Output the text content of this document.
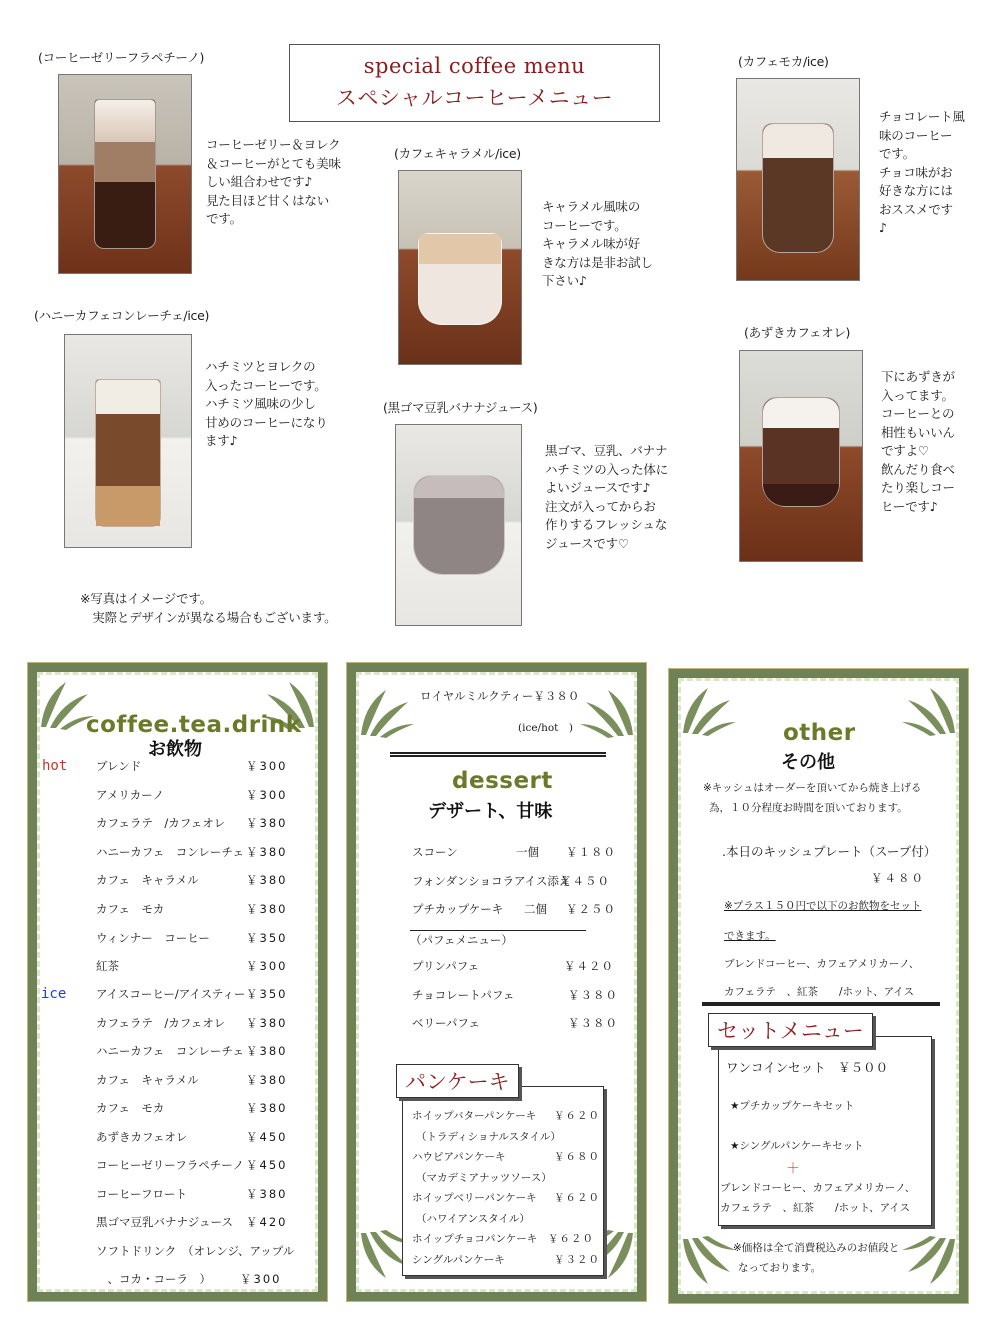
special coffee menu
スペシャルコーヒーメニュー
(コーヒーゼリーフラペチーノ)
コーヒーゼリー＆ヨレク
＆コーヒーがとても美味
しい組合わせです♪
見た目ほど甘くはない
です。
(ハニーカフェコンレーチェ/ice)
ハチミツとヨレクの
入ったコーヒーです。
ハチミツ風味の少し
甘めのコーヒーになり
ます♪
(カフェキャラメル/ice)
キャラメル風味の
コーヒーです。
キャラメル味が好
きな方は是非お試し
下さい♪
(黒ゴマ豆乳バナナジュース)
黒ゴマ、豆乳、バナナ
ハチミツの入った体に
よいジュースです♪
注文が入ってからお
作りするフレッシュな
ジュースです♡
(カフェモカ/ice)
チョコレート風
味のコーヒー
です。
チョコ味がお
好きな方には
おススメです
♪
(あずきカフェオレ)
下にあずきが
入ってます。
コーヒーとの
相性もいいん
ですよ♡
飲んだり食べ
たり楽しコー
ヒーです♪
※写真はイメージです。
　実際とデザインが異なる場合もございます。
coffee.tea.drink
お飲物
hot
ice
ブレンド	￥300
アメリカーノ	￥300
カフェラテ　/カフェオレ ￥380
ハニーカフェ　コンレーチェ ￥380
カフェ　キャラメル	￥380
カフェ　モカ	￥380
ウィンナー　コーヒー	￥350
紅茶	￥300
アイスコーヒー/アイスティー ￥350
カフェラテ　/カフェオレ ￥380
ハニーカフェ　コンレーチェ ￥380
カフェ　キャラメル	￥380
カフェ　モカ	￥380
あずきカフェオレ	￥450
コーヒーゼリーフラペチーノ ￥450
コーヒーフロート	￥380
黒ゴマ豆乳バナナジュース ￥420
ソフトドリンク　（オレンジ、アップル
　、コカ・コーラ　）	￥300
ロイヤルミルクティー￥３８０
(ice/hot　)
dessert
デザート、甘味
スコーン	一個 ￥１８０
フォンダンショコラアイス添え
￥４５０
プチカップケーキ 二個 ￥２５０
プリンパフェ	￥４２０
チョコレートパフェ	￥３８０
ベリーパフェ	￥３８０
（パフェメニュー）
パンケーキ
ホイップバターパンケーキ ￥６２０
（トラディショナルスタイル）
ハウピアパンケーキ	￥６８０
（マカデミアナッツソース）
ホイップベリーパンケーキ ￥６２０
（ハワイアンスタイル）
ホイップチョコパンケーキ ￥６２０
シングルパンケーキ	￥３２０
other
その他
※キッシュはオーダーを頂いてから焼き上げる
為，１０分程度お時間を頂いております。
.本日のキッシュプレート（スープ付）
￥４８０
※プラス１５０円で以下のお飲物をセット
できます。
ブレンドコーヒー、カフェアメリカーノ、
カフェラテ　、紅茶　　/ホット、アイス
セットメニュー
ワンコインセット　￥５００
★プチカップケーキセット
★シングルパンケーキセット
＋
ブレンドコーヒー、カフェアメリカーノ、
カフェラテ　、紅茶　　/ホット、アイス
※価格は全て消費税込みのお値段と
なっております。
